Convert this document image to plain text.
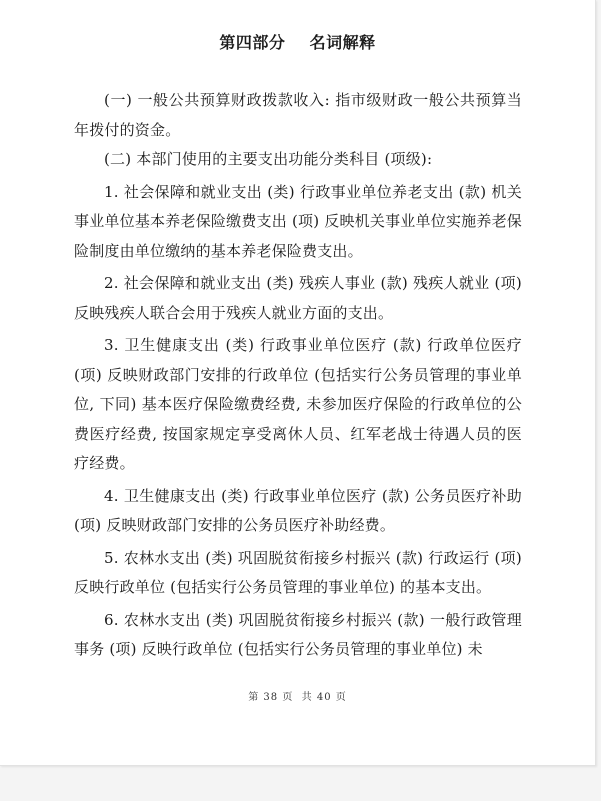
第四部分    名词解释

(一) 一般公共预算财政拨款收入: 指市级财政一般公共预算当年拨付的资金。

(二) 本部门使用的主要支出功能分类科目 (项级):

1. 社会保障和就业支出 (类) 行政事业单位养老支出 (款) 机关事业单位基本养老保险缴费支出 (项) 反映机关事业单位实施养老保险制度由单位缴纳的基本养老保险费支出。

2. 社会保障和就业支出 (类) 残疾人事业 (款) 残疾人就业 (项) 反映残疾人联合会用于残疾人就业方面的支出。

3. 卫生健康支出 (类) 行政事业单位医疗 (款) 行政单位医疗 (项) 反映财政部门安排的行政单位 (包括实行公务员管理的事业单位, 下同) 基本医疗保险缴费经费, 未参加医疗保险的行政单位的公费医疗经费, 按国家规定享受离休人员、红军老战士待遇人员的医疗经费。

4. 卫生健康支出 (类) 行政事业单位医疗 (款) 公务员医疗补助 (项) 反映财政部门安排的公务员医疗补助经费。

5. 农林水支出 (类) 巩固脱贫衔接乡村振兴 (款) 行政运行 (项) 反映行政单位 (包括实行公务员管理的事业单位) 的基本支出。

6. 农林水支出 (类) 巩固脱贫衔接乡村振兴 (款) 一般行政管理事务 (项) 反映行政单位 (包括实行公务员管理的事业单位) 未

第 38 页  共 40 页
